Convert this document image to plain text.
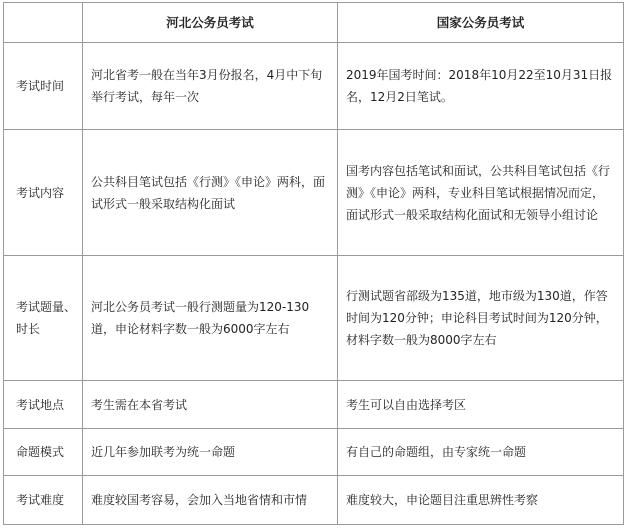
	河北公务员考试	国家公务员考试
考试时间	河北省考一般在当年3月份报名，4月中下旬举行考试，每年一次	2019年国考时间：2018年10月22至10月31日报名，12月2日笔试。

考试内容	公共科目笔试包括《行测》《申论》两科，面试形式一般采取结构化面试	国考内容包括笔试和面试，公共科目笔试包括《行测》《申论》两科，专业科目笔试根据情况而定，面试形式一般采取结构化面试和无领导小组讨论

考试题量、时长	河北公务员考试一般行测题量为120-130道，申论材料字数一般为6000字左右	行测试题省部级为135道，地市级为130道，作答时间为120分钟；申论科目考试时间为120分钟，材料字数一般为8000字左右

考试地点	考生需在本省考试	考生可以自由选择考区

命题模式	近几年参加联考为统一命题	有自己的命题组，由专家统一命题

考试难度	难度较国考容易，会加入当地省情和市情	难度较大，申论题目注重思辨性考察
